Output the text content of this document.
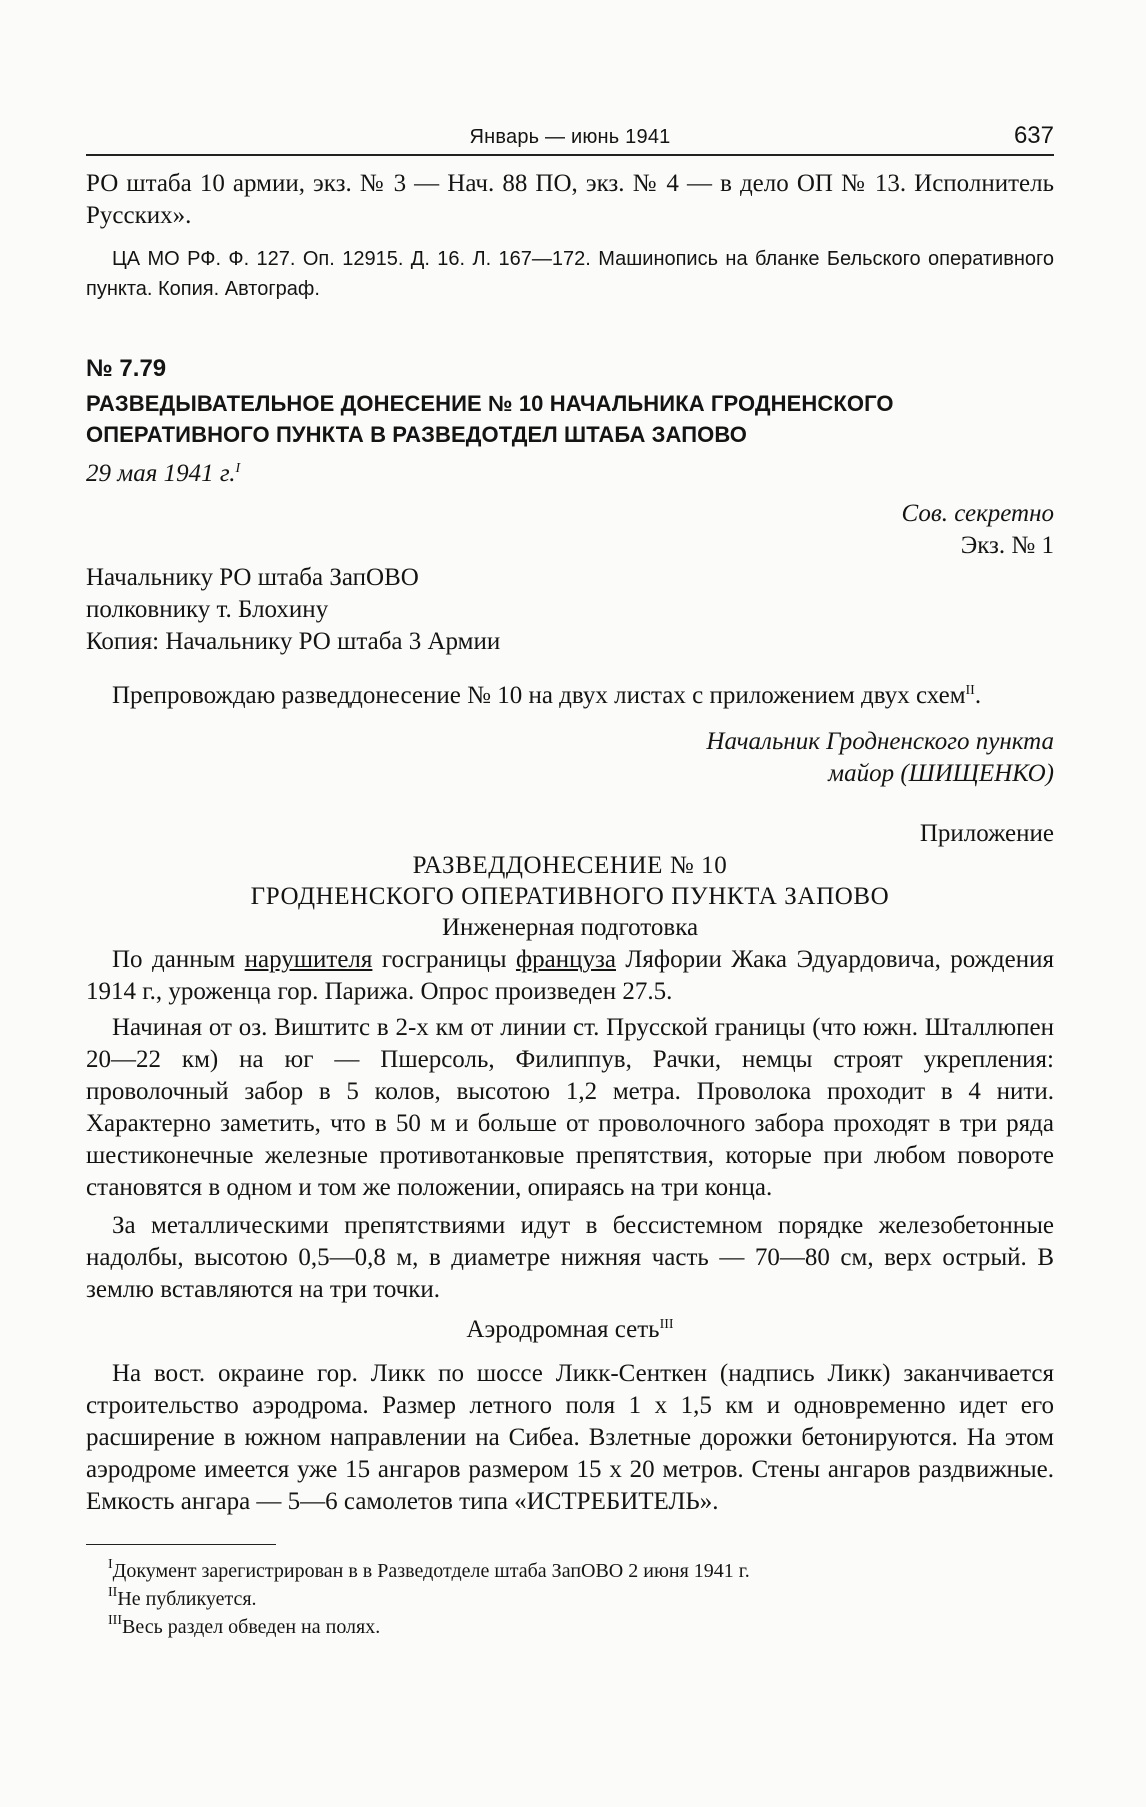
Январь — июнь 1941	637

РО штаба 10 армии, экз. № 3 — Нач. 88 ПО, экз. № 4 — в дело ОП № 13. Исполнитель Русских».

ЦА МО РФ. Ф. 127. Оп. 12915. Д. 16. Л. 167—172. Машинопись на бланке Бельского оперативного пункта. Копия. Автограф.

№ 7.79
РАЗВЕДЫВАТЕЛЬНОЕ ДОНЕСЕНИЕ № 10 НАЧАЛЬНИКА ГРОДНЕНСКОГО
ОПЕРАТИВНОГО ПУНКТА В РАЗВЕДОТДЕЛ ШТАБА ЗАПОВО
29 мая 1941 г.$^I$
Сов. секретно
Экз. № 1
Начальнику РО штаба ЗапОВО
полковнику т. Блохину
Копия: Начальнику РО штаба 3 Армии

Препровождаю разведдонесение № 10 на двух листах с приложением двух схем$^{II}$.

Начальник Гродненского пункта
майор (ШИЩЕНКО)
Приложение
РАЗВЕДДОНЕСЕНИЕ № 10
ГРОДНЕНСКОГО ОПЕРАТИВНОГО ПУНКТА ЗАПОВО
Инженерная подготовка

По данным нарушителя госграницы француза Ляфории Жака Эдуардовича, рождения 1914 г., уроженца гор. Парижа. Опрос произведен 27.5.

Начиная от оз. Виштитс в 2-х км от линии ст. Прусской границы (что южн. Шталлюпен 20—22 км) на юг — Пшерсоль, Филиппув, Рачки, немцы строят укрепления: проволочный забор в 5 колов, высотою 1,2 метра. Проволока проходит в 4 нити. Характерно заметить, что в 50 м и больше от проволочного забора проходят в три ряда шестиконечные железные противотанковые препятствия, которые при любом повороте становятся в одном и том же положении, опираясь на три конца.

За металлическими препятствиями идут в бессистемном порядке железобетонные надолбы, высотою 0,5—0,8 м, в диаметре нижняя часть — 70—80 см, верх острый. В землю вставляются на три точки.

Аэродромная сеть$^{III}$

На вост. окраине гор. Ликк по шоссе Ликк-Сенткен (надпись Ликк) заканчивается строительство аэродрома. Размер летного поля 1 х 1,5 км и одновременно идет его расширение в южном направлении на Сибеа. Взлетные дорожки бетонируются. На этом аэродроме имеется уже 15 ангаров размером 15 х 20 метров. Стены ангаров раздвижные. Емкость ангара — 5—6 самолетов типа «ИСТРЕБИТЕЛЬ».

$^I$Документ зарегистрирован в в Разведотделе штаба ЗапОВО 2 июня 1941 г.
$^{II}$Не публикуется.
$^{III}$Весь раздел обведен на полях.
